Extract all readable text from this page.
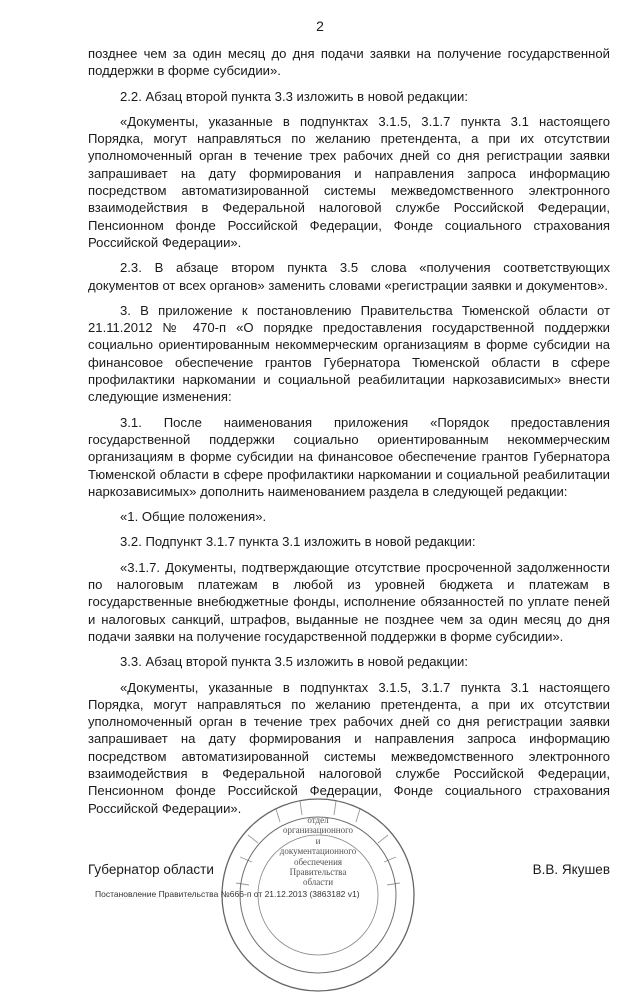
2

позднее чем за один месяц до дня подачи заявки на получение государственной поддержки в форме субсидии».

2.2. Абзац второй пункта 3.3 изложить в новой редакции:

«Документы, указанные в подпунктах 3.1.5, 3.1.7 пункта 3.1 настоящего Порядка, могут направляться по желанию претендента, а при их отсутствии уполномоченный орган в течение трех рабочих дней со дня регистрации заявки запрашивает на дату формирования и направления запроса информацию посредством автоматизированной системы межведомственного электронного взаимодействия в Федеральной налоговой службе Российской Федерации, Пенсионном фонде Российской Федерации, Фонде социального страхования Российской Федерации».

2.3. В абзаце втором пункта 3.5 слова «получения соответствующих документов от всех органов» заменить словами «регистрации заявки и документов».

3. В приложение к постановлению Правительства Тюменской области от 21.11.2012 № 470-п «О порядке предоставления государственной поддержки социально ориентированным некоммерческим организациям в форме субсидии на финансовое обеспечение грантов Губернатора Тюменской области в сфере профилактики наркомании и социальной реабилитации наркозависимых» внести следующие изменения:

3.1. После наименования приложения «Порядок предоставления государственной поддержки социально ориентированным некоммерческим организациям в форме субсидии на финансовое обеспечение грантов Губернатора Тюменской области в сфере профилактики наркомании и социальной реабилитации наркозависимых» дополнить наименованием раздела в следующей редакции:

«1. Общие положения».

3.2. Подпункт 3.1.7 пункта 3.1 изложить в новой редакции:

«3.1.7. Документы, подтверждающие отсутствие просроченной задолженности по налоговым платежам в любой из уровней бюджета и платежам в государственные внебюджетные фонды, исполнение обязанностей по уплате пеней и налоговых санкций, штрафов, выданные не позднее чем за один месяц до дня подачи заявки на получение государственной поддержки в форме субсидии».

3.3. Абзац второй пункта 3.5 изложить в новой редакции:

«Документы, указанные в подпунктах 3.1.5, 3.1.7 пункта 3.1 настоящего Порядка, могут направляться по желанию претендента, а при их отсутствии уполномоченный орган в течение трех рабочих дней со дня регистрации заявки запрашивает на дату формирования и направления запроса информацию посредством автоматизированной системы межведомственного электронного взаимодействия в Федеральной налоговой службе Российской Федерации, Пенсионном фонде Российской Федерации, Фонде социального страхования Российской Федерации».

отдел
организационного
и
документационного
обеспечения
Правительства
области
Губернатор области	В.В. Якушев
Постановление Правительства №666-п от 21.12.2013 (3863182 v1)
